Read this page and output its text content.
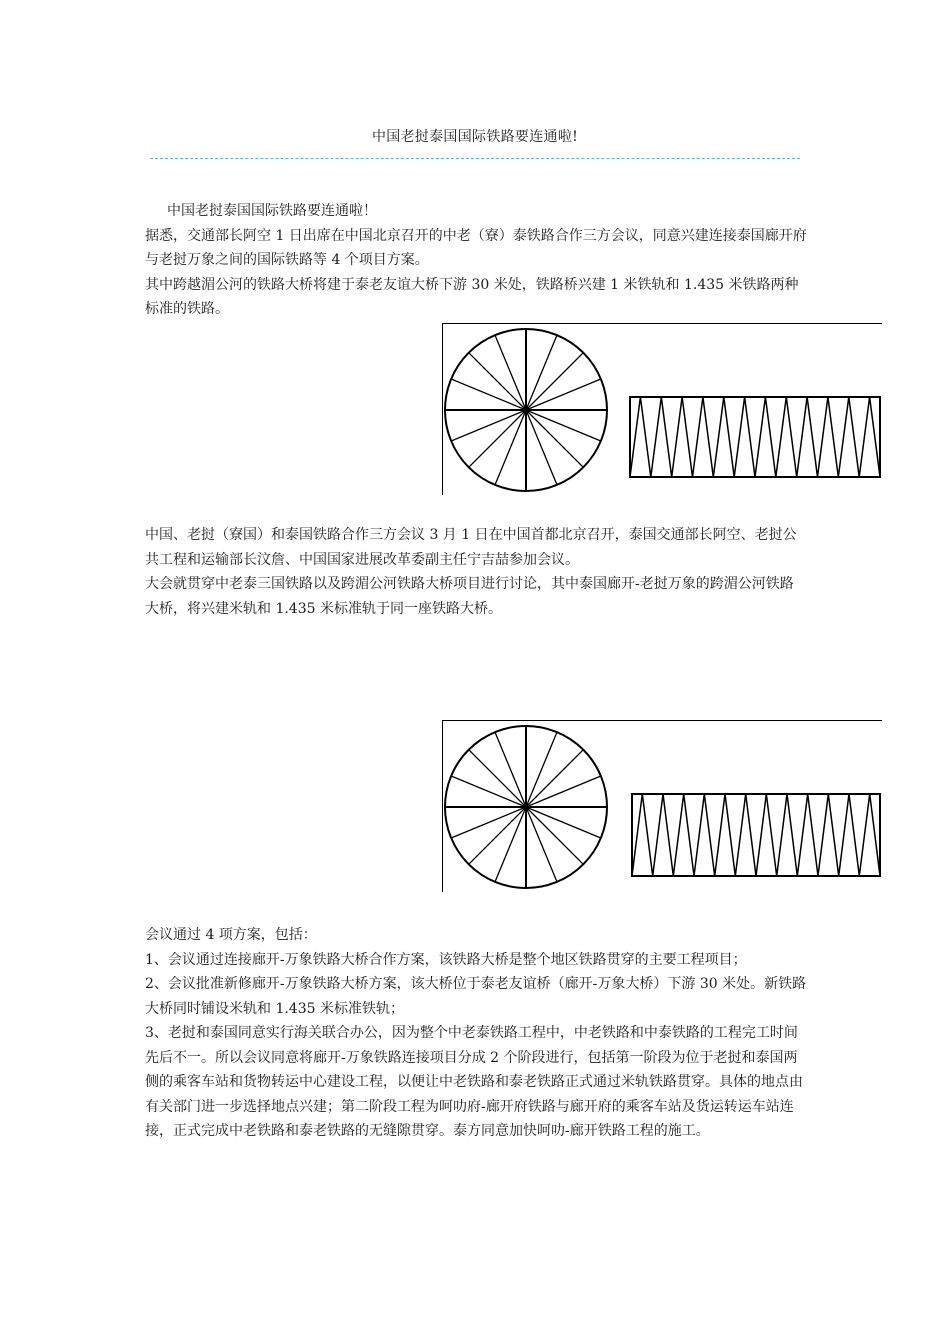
中国老挝泰国国际铁路要连通啦!

中国老挝泰国国际铁路要连通啦！

据悉，交通部长阿空 1 日出席在中国北京召开的中老（寮）泰铁路合作三方会议，同意兴建连接泰国廊开府与老挝万象之间的国际铁路等 4 个项目方案。

其中跨越湄公河的铁路大桥将建于泰老友谊大桥下游 30 米处，铁路桥兴建 1 米铁轨和 1.435 米铁路两种标准的铁路。

中国、老挝（寮国）和泰国铁路合作三方会议 3 月 1 日在中国首都北京召开，泰国交通部长阿空、老挝公共工程和运输部长汶詹、中国国家进展改革委副主任宁吉喆参加会议。

大会就贯穿中老泰三国铁路以及跨湄公河铁路大桥项目进行讨论，其中泰国廊开-老挝万象的跨湄公河铁路大桥，将兴建米轨和 1.435 米标准轨于同一座铁路大桥。

会议通过 4 项方案，包括：

1、会议通过连接廊开-万象铁路大桥合作方案，该铁路大桥是整个地区铁路贯穿的主要工程项目；

2、会议批准新修廊开-万象铁路大桥方案，该大桥位于泰老友谊桥（廊开-万象大桥）下游 30 米处。新铁路大桥同时铺设米轨和 1.435 米标准铁轨；

3、老挝和泰国同意实行海关联合办公，因为整个中老泰铁路工程中，中老铁路和中泰铁路的工程完工时间先后不一。所以会议同意将廊开-万象铁路连接项目分成 2 个阶段进行，包括第一阶段为位于老挝和泰国两侧的乘客车站和货物转运中心建设工程，以便让中老铁路和泰老铁路正式通过米轨铁路贯穿。具体的地点由有关部门进一步选择地点兴建；第二阶段工程为呵叻府-廊开府铁路与廊开府的乘客车站及货运转运车站连接，正式完成中老铁路和泰老铁路的无缝隙贯穿。泰方同意加快呵叻-廊开铁路工程的施工。
